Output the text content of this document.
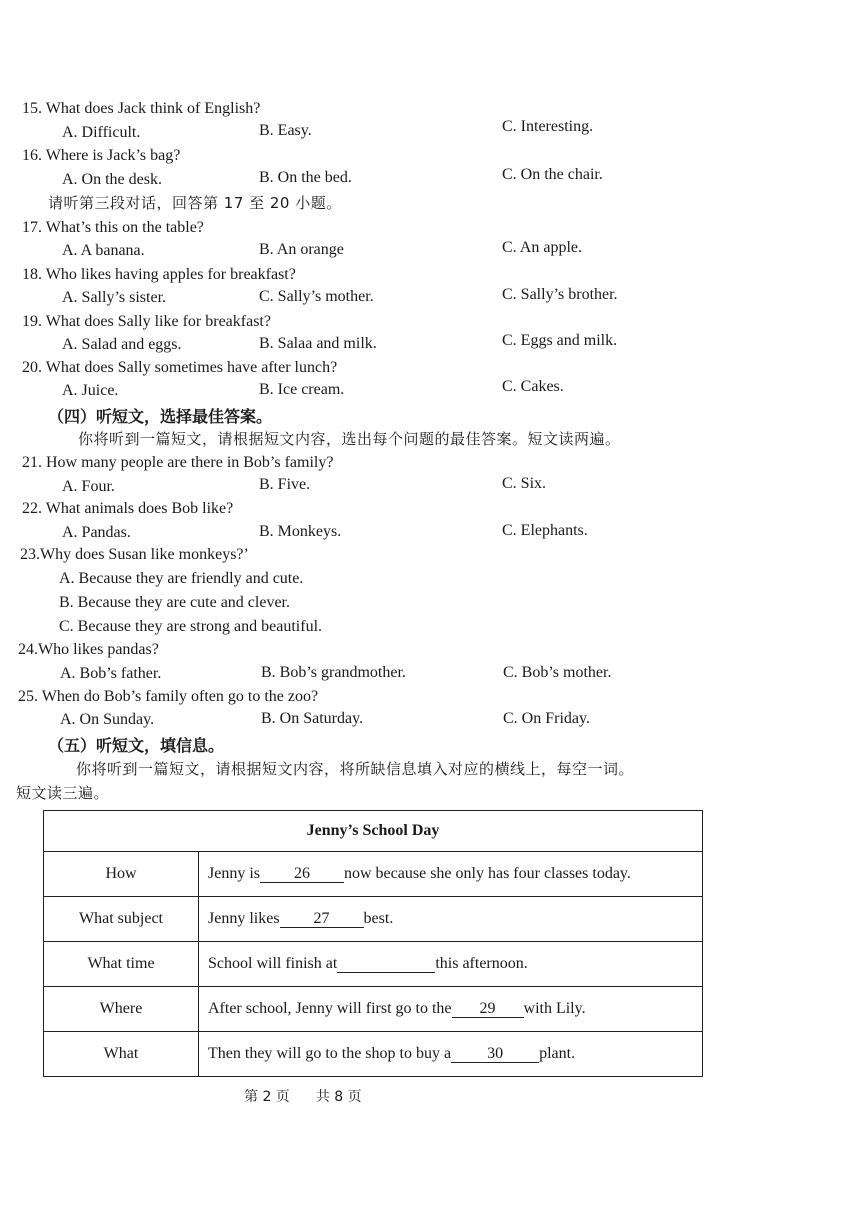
15. What does Jack think of English?
A. Difficult.	B. Easy.	C. Interesting.
16. Where is Jack’s bag?
A. On the desk.	B. On the bed.	C. On the chair.
请听第三段对话，回答第 17 至 20 小题。
17. What’s this on the table?
A. A banana.	B. An orange	C. An apple.
18. Who likes having apples for breakfast?
A. Sally’s sister.	C. Sally’s mother.	C. Sally’s brother.
19. What does Sally like for breakfast?
A. Salad and eggs.	B. Salaa and milk.	C. Eggs and milk.
20. What does Sally sometimes have after lunch?
A. Juice.	B. Ice cream.	C. Cakes.
（四）听短文，选择最佳答案。
你将听到一篇短文，请根据短文内容，选出每个问题的最佳答案。短文读两遍。
21. How many people are there in Bob’s family?
A. Four.	B. Five.	C. Six.
22. What animals does Bob like?
A. Pandas.	B. Monkeys.	C. Elephants.
23.Why does Susan like monkeys?’
A. Because they are friendly and cute.
B. Because they are cute and clever.
C. Because they are strong and beautiful.
24.Who likes pandas?
A. Bob’s father.	B. Bob’s grandmother.	C. Bob’s mother.
25. When do Bob’s family often go to the zoo?
A. On Sunday.	B. On Saturday.	C. On Friday.
（五）听短文，填信息。
你将听到一篇短文，请根据短文内容，将所缺信息填入对应的横线上，每空一词。
短文读三遍。
Jenny’s School Day	
How	Jenny is 26 now because she only has four classes today.
What subject	Jenny likes 27 best.
What time	School will finish at this afternoon.
Where	After school, Jenny will first go to the 29 with Lily.
What	Then they will go to the shop to buy a 30 plant.
第 2 页 共 8 页
